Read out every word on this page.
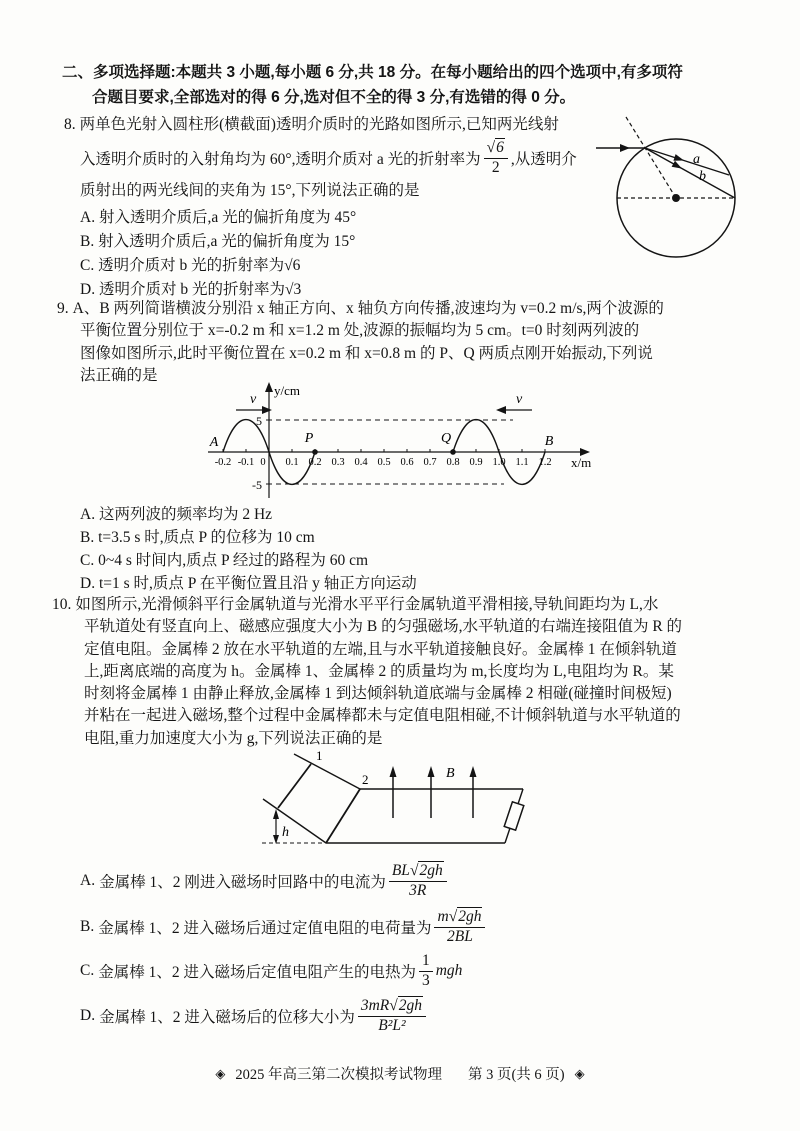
二、多项选择题:本题共 3 小题,每小题 6 分,共 18 分。在每小题给出的四个选项中,有多项符
合题目要求,全部选对的得 6 分,选对但不全的得 3 分,有选错的得 0 分。
8. 两单色光射入圆柱形(横截面)透明介质时的光路如图所示,已知两光线射
入透明介质时的入射角均为 60°,透明介质对 a 光的折射率为 $\frac{√6}{2}$ ,从透明介
质射出的两光线间的夹角为 15°,下列说法正确的是
A. 射入透明介质后,a 光的偏折角度为 45°
B. 射入透明介质后,a 光的偏折角度为 15°
C. 透明介质对 b 光的折射率为√6
D. 透明介质对 b 光的折射率为√3
a
b
9. A、B 两列简谐横波分别沿 x 轴正方向、x 轴负方向传播,波速均为 v=0.2 m/s,两个波源的
平衡位置分别位于 x=-0.2 m 和 x=1.2 m 处,波源的振幅均为 5 cm。t=0 时刻两列波的
图像如图所示,此时平衡位置在 x=0.2 m 和 x=0.8 m 的 P、Q 两质点刚开始振动,下列说
法正确的是
y/cm
x/m
5
-5
v	v
A	P	Q	B
-0.2 -0.1 0 0.1 0.2 0.3 0.4 0.5 0.6 0.7 0.8 0.9 1.0 1.1 1.2
A. 这两列波的频率均为 2 Hz
B. t=3.5 s 时,质点 P 的位移为 10 cm
C. 0~4 s 时间内,质点 P 经过的路程为 60 cm
D. t=1 s 时,质点 P 在平衡位置且沿 y 轴正方向运动
10. 如图所示,光滑倾斜平行金属轨道与光滑水平平行金属轨道平滑相接,导轨间距均为 L,水
平轨道处有竖直向上、磁感应强度大小为 B 的匀强磁场,水平轨道的右端连接阻值为 R 的
定值电阻。金属棒 2 放在水平轨道的左端,且与水平轨道接触良好。金属棒 1 在倾斜轨道
上,距离底端的高度为 h。金属棒 1、金属棒 2 的质量均为 m,长度均为 L,电阻均为 R。某
时刻将金属棒 1 由静止释放,金属棒 1 到达倾斜轨道底端与金属棒 2 相碰(碰撞时间极短)
并粘在一起进入磁场,整个过程中金属棒都未与定值电阻相碰,不计倾斜轨道与水平轨道的
电阻,重力加速度大小为 g,下列说法正确的是
1
2
h
B
A. 金属棒 1、2 刚进入磁场时回路中的电流为 $\frac{BL√2gh}{3R}$
B. 金属棒 1、2 进入磁场后通过定值电阻的电荷量为 $\frac{m√2gh}{2BL}$
C. 金属棒 1、2 进入磁场后定值电阻产生的电热为 $\frac{1}{3}$ mgh
D. 金属棒 1、2 进入磁场后的位移大小为 $\frac{3mR√2gh}{\text{B²L²}}$
◈ 2025 年高三第二次模拟考试物理 第 3 页(共 6 页) ◈
